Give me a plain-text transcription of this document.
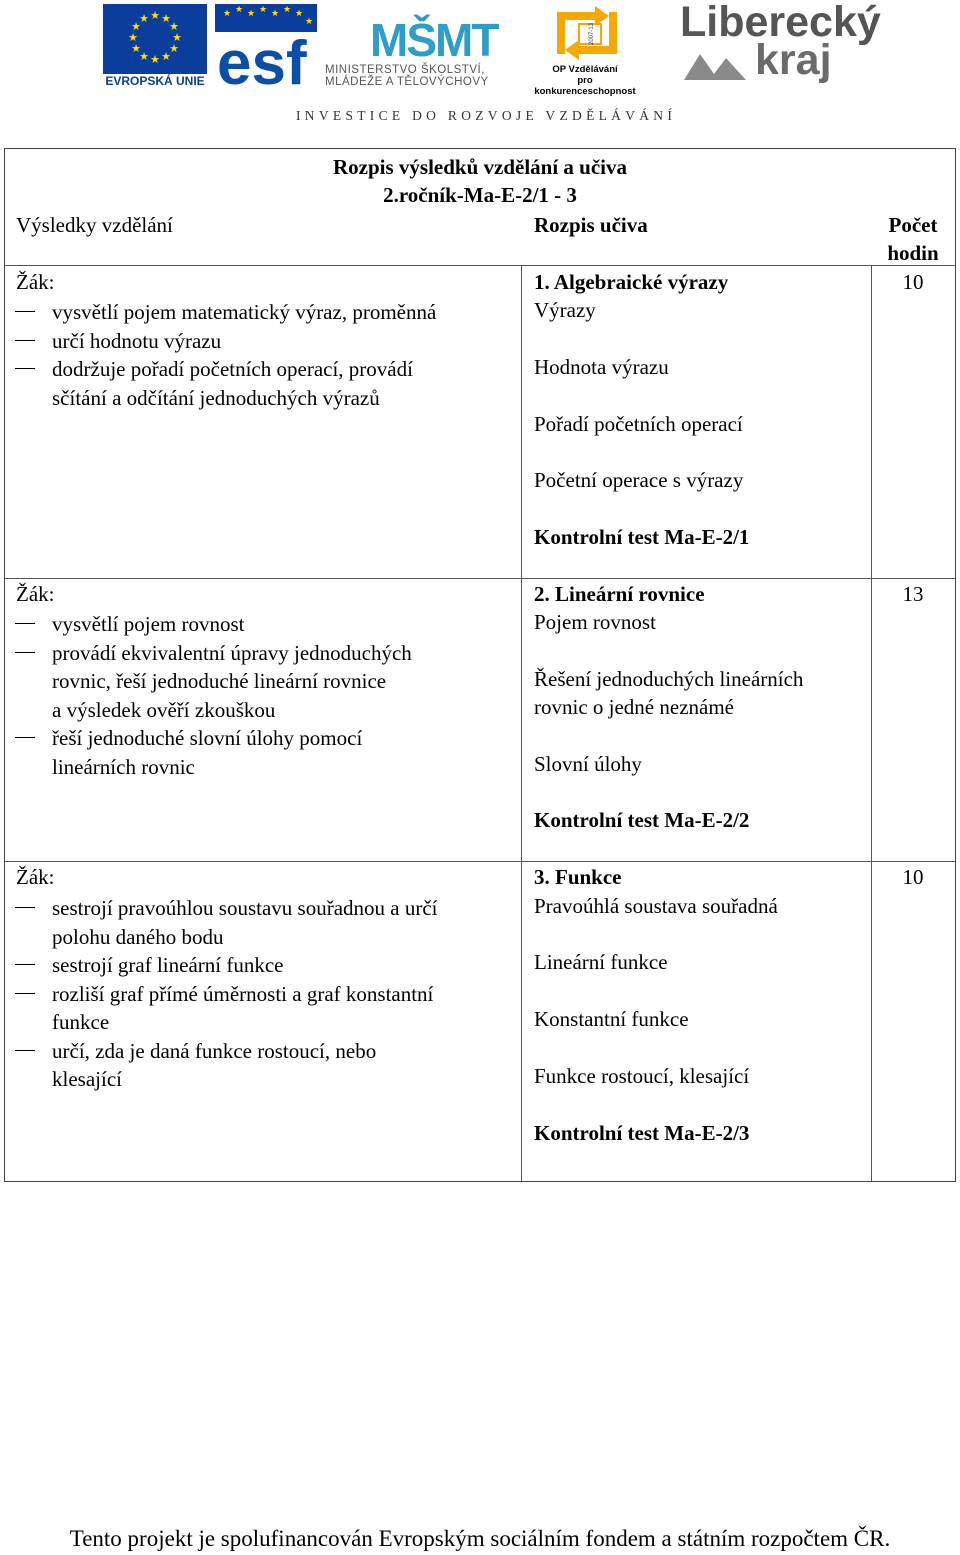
★ ★
★
★
★
★
★
★
★
★
★
★
EVROPSKÁ UNIE
★ ★ ★ ★ ★ ★ ★
★
esf MŠMT
MINISTERSTVO ŠKOLSTVÍ,
MLÁDEŽE A TĚLOVÝCHOVY
2007-13
OP Vzdělávání
pro konkurenceschopnost
Liberecký
kraj
INVESTICE DO ROZVOJE VZDĚLÁVÁNÍ
Rozpis výsledků vzdělání a učiva
2.ročník-Ma-E-2/1 - 3
Výsledky vzdělání	Rozpis učiva	Počet
hodin
Žák:
vysvětlí pojem matematický výraz, proměnná
určí hodnotu výrazu
dodržuje pořadí početních operací, provádí
sčítání a odčítání jednoduchých výrazů
1. Algebraické výrazy
Výrazy
Hodnota výrazu
Pořadí početních operací
Početní operace s výrazy
Kontrolní test Ma-E-2/1
10
Žák:
vysvětlí pojem rovnost
provádí ekvivalentní úpravy jednoduchých
rovnic, řeší jednoduché lineární rovnice
a výsledek ověří zkouškou
řeší jednoduché slovní úlohy pomocí
lineárních rovnic
2. Lineární rovnice
Pojem rovnost
Řešení jednoduchých lineárních
rovnic o jedné neznámé
Slovní úlohy
Kontrolní test Ma-E-2/2
13
Žák:
sestrojí pravoúhlou soustavu souřadnou a určí
polohu daného bodu
sestrojí graf lineární funkce
rozliší graf přímé úměrnosti a graf konstantní
funkce
určí, zda je daná funkce rostoucí, nebo
klesající
3. Funkce
Pravoúhlá soustava souřadná
Lineární funkce
Konstantní funkce
Funkce rostoucí, klesající
Kontrolní test Ma-E-2/3
10
Tento projekt je spolufinancován Evropským sociálním fondem a státním rozpočtem ČR.
